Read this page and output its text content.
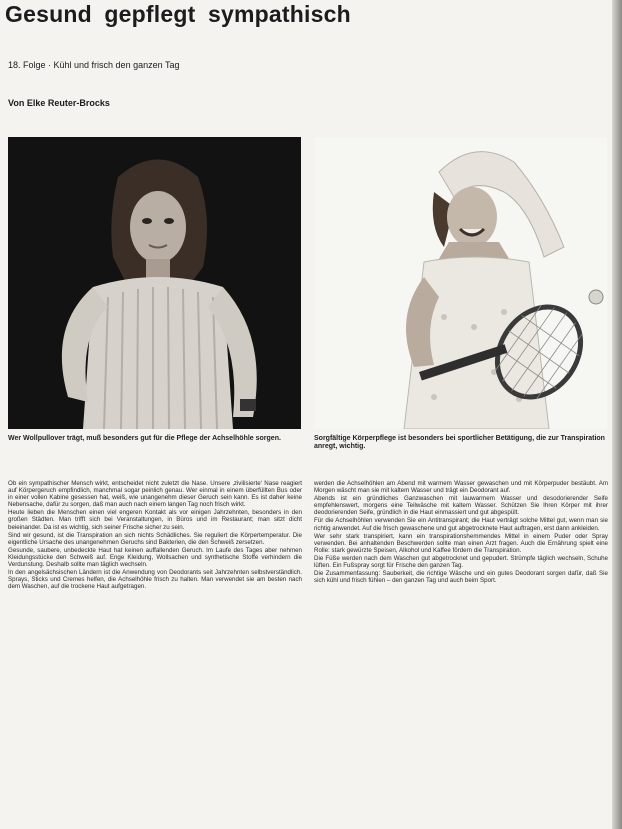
Gesund gepflegt sympathisch
18. Folge · Kühl und frisch den ganzen Tag
Von Elke Reuter-Brocks
Wer Wollpullover trägt, muß besonders gut für die Pflege der Achselhöhle sorgen.	Sorgfältige Körperpflege ist besonders bei sportlicher Betätigung, die zur Transpiration anregt, wichtig.

Ob ein sympathischer Mensch wirkt, entscheidet nicht zuletzt die Nase. Unsere ‚zivilisierte‘ Nase reagiert auf Körpergeruch empfindlich, manchmal sogar peinlich genau. Wer einmal in einem überfüllten Bus oder in einer vollen Kabine gesessen hat, weiß, wie unangenehm dieser Geruch sein kann. Es ist daher keine Nebensache, dafür zu sorgen, daß man auch nach einem langen Tag noch frisch wirkt.

Heute lieben die Menschen einen viel engeren Kontakt als vor einigen Jahrzehnten, besonders in den großen Städten. Man trifft sich bei Veranstaltungen, in Büros und im Restaurant; man sitzt dicht beieinander. Da ist es wichtig, sich seiner Frische sicher zu sein.

Sind wir gesund, ist die Transpiration an sich nichts Schädliches. Sie reguliert die Körpertemperatur. Die eigentliche Ursache des unangenehmen Geruchs sind Bakterien, die den Schweiß zersetzen.

Gesunde, saubere, unbedeckte Haut hat keinen auffallenden Geruch. Im Laufe des Tages aber nehmen Kleidungsstücke den Schweiß auf. Enge Kleidung, Wollsachen und synthetische Stoffe verhindern die Verdunstung. Deshalb sollte man täglich wechseln.

In den angelsächsischen Ländern ist die Anwendung von Deodorants seit Jahrzehnten selbstverständlich. Sprays, Sticks und Cremes helfen, die Achselhöhle frisch zu halten. Man verwendet sie am besten nach dem Waschen, auf die trockene Haut aufgetragen.

werden die Achselhöhlen am Abend mit warmem Wasser gewaschen und mit Körperpuder bestäubt. Am Morgen wäscht man sie mit kaltem Wasser und trägt ein Deodorant auf.

Abends ist ein gründliches Ganzwaschen mit lauwarmem Wasser und desodorierender Seife empfehlenswert, morgens eine Teilwäsche mit kaltem Wasser. Schützen Sie Ihren Körper mit ihrer deodorierenden Seife, gründlich in die Haut einmassiert und gut abgespült.

Für die Achselhöhlen verwenden Sie ein Antitranspirant; die Haut verträgt solche Mittel gut, wenn man sie richtig anwendet. Auf die frisch gewaschene und gut abgetrocknete Haut auftragen, erst dann ankleiden.

Wer sehr stark transpiriert, kann ein transpirationshemmendes Mittel in einem Puder oder Spray verwenden. Bei anhaltenden Beschwerden sollte man einen Arzt fragen. Auch die Ernährung spielt eine Rolle: stark gewürzte Speisen, Alkohol und Kaffee fördern die Transpiration.

Die Füße werden nach dem Waschen gut abgetrocknet und gepudert. Strümpfe täglich wechseln, Schuhe lüften. Ein Fußspray sorgt für Frische den ganzen Tag.

Die Zusammenfassung: Sauberkeit, die richtige Wäsche und ein gutes Deodorant sorgen dafür, daß Sie sich kühl und frisch fühlen – den ganzen Tag und auch beim Sport.
